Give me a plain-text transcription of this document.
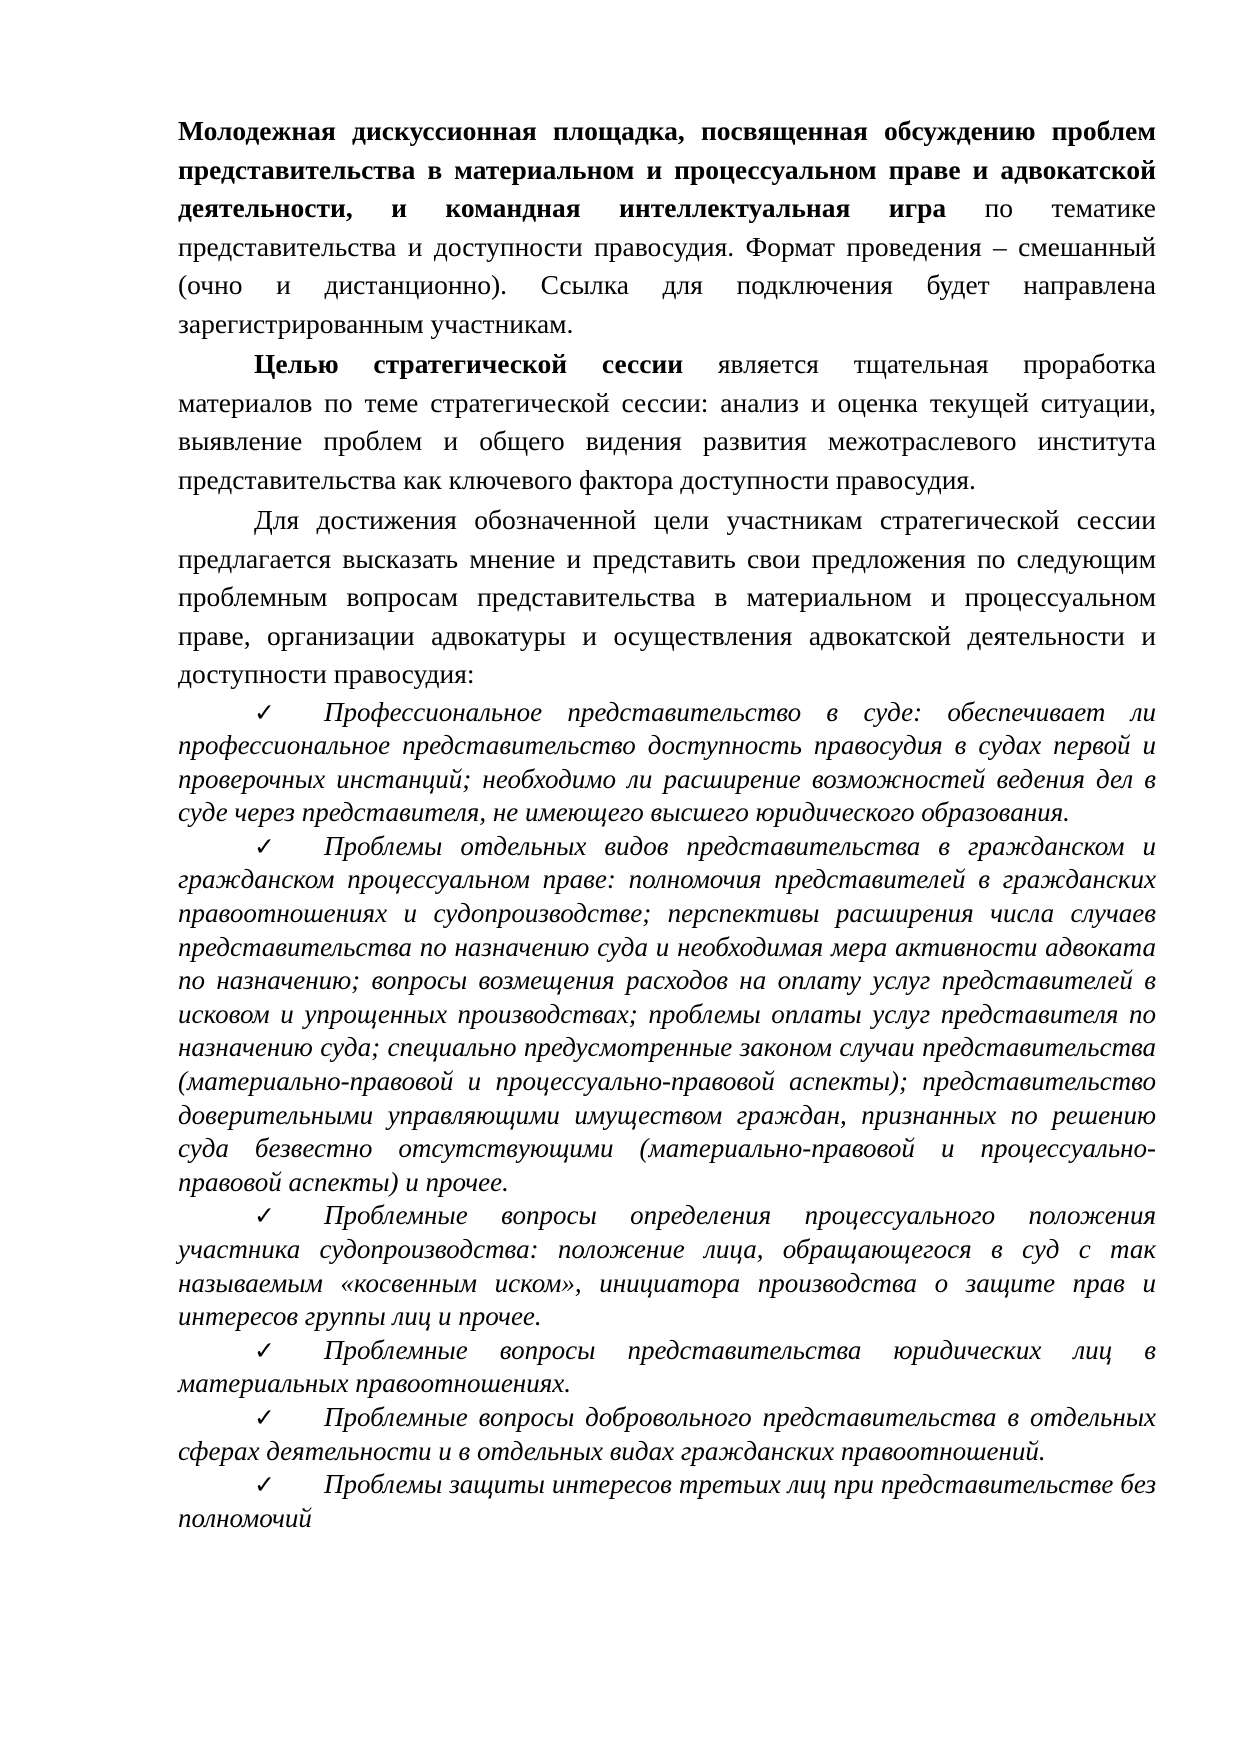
Молодежная дискуссионная площадка, посвященная обсуждению проблем представительства в материальном и процессуальном праве и адвокатской деятельности, и командная интеллектуальная игра по тематике представительства и доступности правосудия. Формат проведения – смешанный (очно и дистанционно). Ссылка для подключения будет направлена зарегистрированным участникам.

Целью стратегической сессии является тщательная проработка материалов по теме стратегической сессии: анализ и оценка текущей ситуации, выявление проблем и общего видения развития межотраслевого института представительства как ключевого фактора доступности правосудия.

Для достижения обозначенной цели участникам стратегической сессии предлагается высказать мнение и представить свои предложения по следующим проблемным вопросам представительства в материальном и процессуальном праве, организации адвокатуры и осуществления адвокатской деятельности и доступности правосудия:

✓ Профессиональное представительство в суде: обеспечивает ли профессиональное представительство доступность правосудия в судах первой и проверочных инстанций; необходимо ли расширение возможностей ведения дел в суде через представителя, не имеющего высшего юридического образования.

✓ Проблемы отдельных видов представительства в гражданском и гражданском процессуальном праве: полномочия представителей в гражданских правоотношениях и судопроизводстве; перспективы расширения числа случаев представительства по назначению суда и необходимая мера активности адвоката по назначению; вопросы возмещения расходов на оплату услуг представителей в исковом и упрощенных производствах; проблемы оплаты услуг представителя по назначению суда; специально предусмотренные законом случаи представительства (материально-правовой и процессуально-правовой аспекты); представительство доверительными управляющими имуществом граждан, признанных по решению суда безвестно отсутствующими (материально-правовой и процессуально-правовой аспекты) и прочее.

✓ Проблемные вопросы определения процессуального положения участника судопроизводства: положение лица, обращающегося в суд с так называемым «косвенным иском», инициатора производства о защите прав и интересов группы лиц и прочее.

✓ Проблемные вопросы представительства юридических лиц в материальных правоотношениях.

✓ Проблемные вопросы добровольного представительства в отдельных сферах деятельности и в отдельных видах гражданских правоотношений.

✓ Проблемы защиты интересов третьих лиц при представительстве без полномочий
